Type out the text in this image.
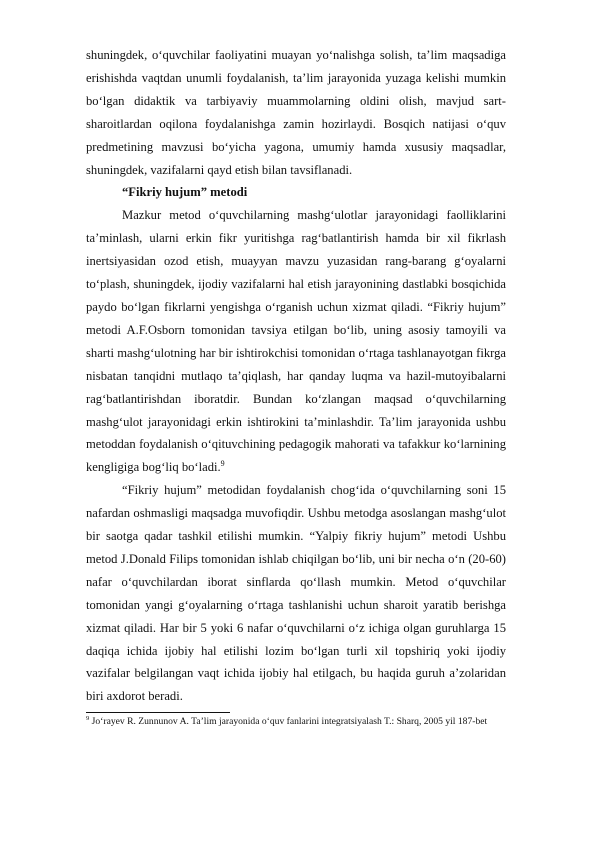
shuningdek, o‘quvchilar faoliyatini muayan yo‘nalishga solish, ta’lim maqsadiga erishishda vaqtdan unumli foydalanish, ta’lim jarayonida yuzaga kelishi mumkin bo‘lgan didaktik va tarbiyaviy muammolarning oldini olish, mavjud sart-sharoitlardan oqilona foydalanishga zamin hozirlaydi. Bosqich natijasi o‘quv predmetining mavzusi bo‘yicha yagona, umumiy hamda xususiy maqsadlar, shuningdek, vazifalarni qayd etish bilan tavsiflanadi.

“Fikriy hujum” metodi

Mazkur metod o‘quvchilarning mashg‘ulotlar jarayonidagi faolliklarini ta’minlash, ularni erkin fikr yuritishga rag‘batlantirish hamda bir xil fikrlash inertsiyasidan ozod etish, muayyan mavzu yuzasidan rang-barang g‘oyalarni to‘plash, shuningdek, ijodiy vazifalarni hal etish jarayonining dastlabki bosqichida paydo bo‘lgan fikrlarni yengishga o‘rganish uchun xizmat qiladi. “Fikriy hujum” metodi A.F.Osborn tomonidan tavsiya etilgan bo‘lib, uning asosiy tamoyili va sharti mashg‘ulotning har bir ishtirokchisi tomonidan o‘rtaga tashlanayotgan fikrga nisbatan tanqidni mutlaqo ta’qiqlash, har qanday luqma va hazil-mutoyibalarni rag‘batlantirishdan iboratdir. Bundan ko‘zlangan maqsad o‘quvchilarning mashg‘ulot jarayonidagi erkin ishtirokini ta’minlashdir. Ta’lim jarayonida ushbu metoddan foydalanish o‘qituvchining pedagogik mahorati va tafakkur ko‘larnining kengligiga bog‘liq bo‘ladi.$^9$

“Fikriy hujum” metodidan foydalanish chog‘ida o‘quvchilarning soni 15 nafardan oshmasligi maqsadga muvofiqdir. Ushbu metodga asoslangan mashg‘ulot bir saotga qadar tashkil etilishi mumkin. “Yalpiy fikriy hujum” metodi Ushbu metod J.Donald Filips tomonidan ishlab chiqilgan bo‘lib, uni bir necha o‘n (20-60) nafar o‘quvchilardan iborat sinflarda qo‘llash mumkin. Metod o‘quvchilar tomonidan yangi g‘oyalarning o‘rtaga tashlanishi uchun sharoit yaratib berishga xizmat qiladi. Har bir 5 yoki 6 nafar o‘quvchilarni o‘z ichiga olgan guruhlarga 15 daqiqa ichida ijobiy hal etilishi lozim bo‘lgan turli xil topshiriq yoki ijodiy vazifalar belgilangan vaqt ichida ijobiy hal etilgach, bu haqida guruh a’zolaridan biri axdorot beradi.

$^9$ Jo‘rayev R. Zunnunov A. Ta’lim jarayonida o‘quv fanlarini integratsiyalash T.: Sharq, 2005 yil 187-bet
